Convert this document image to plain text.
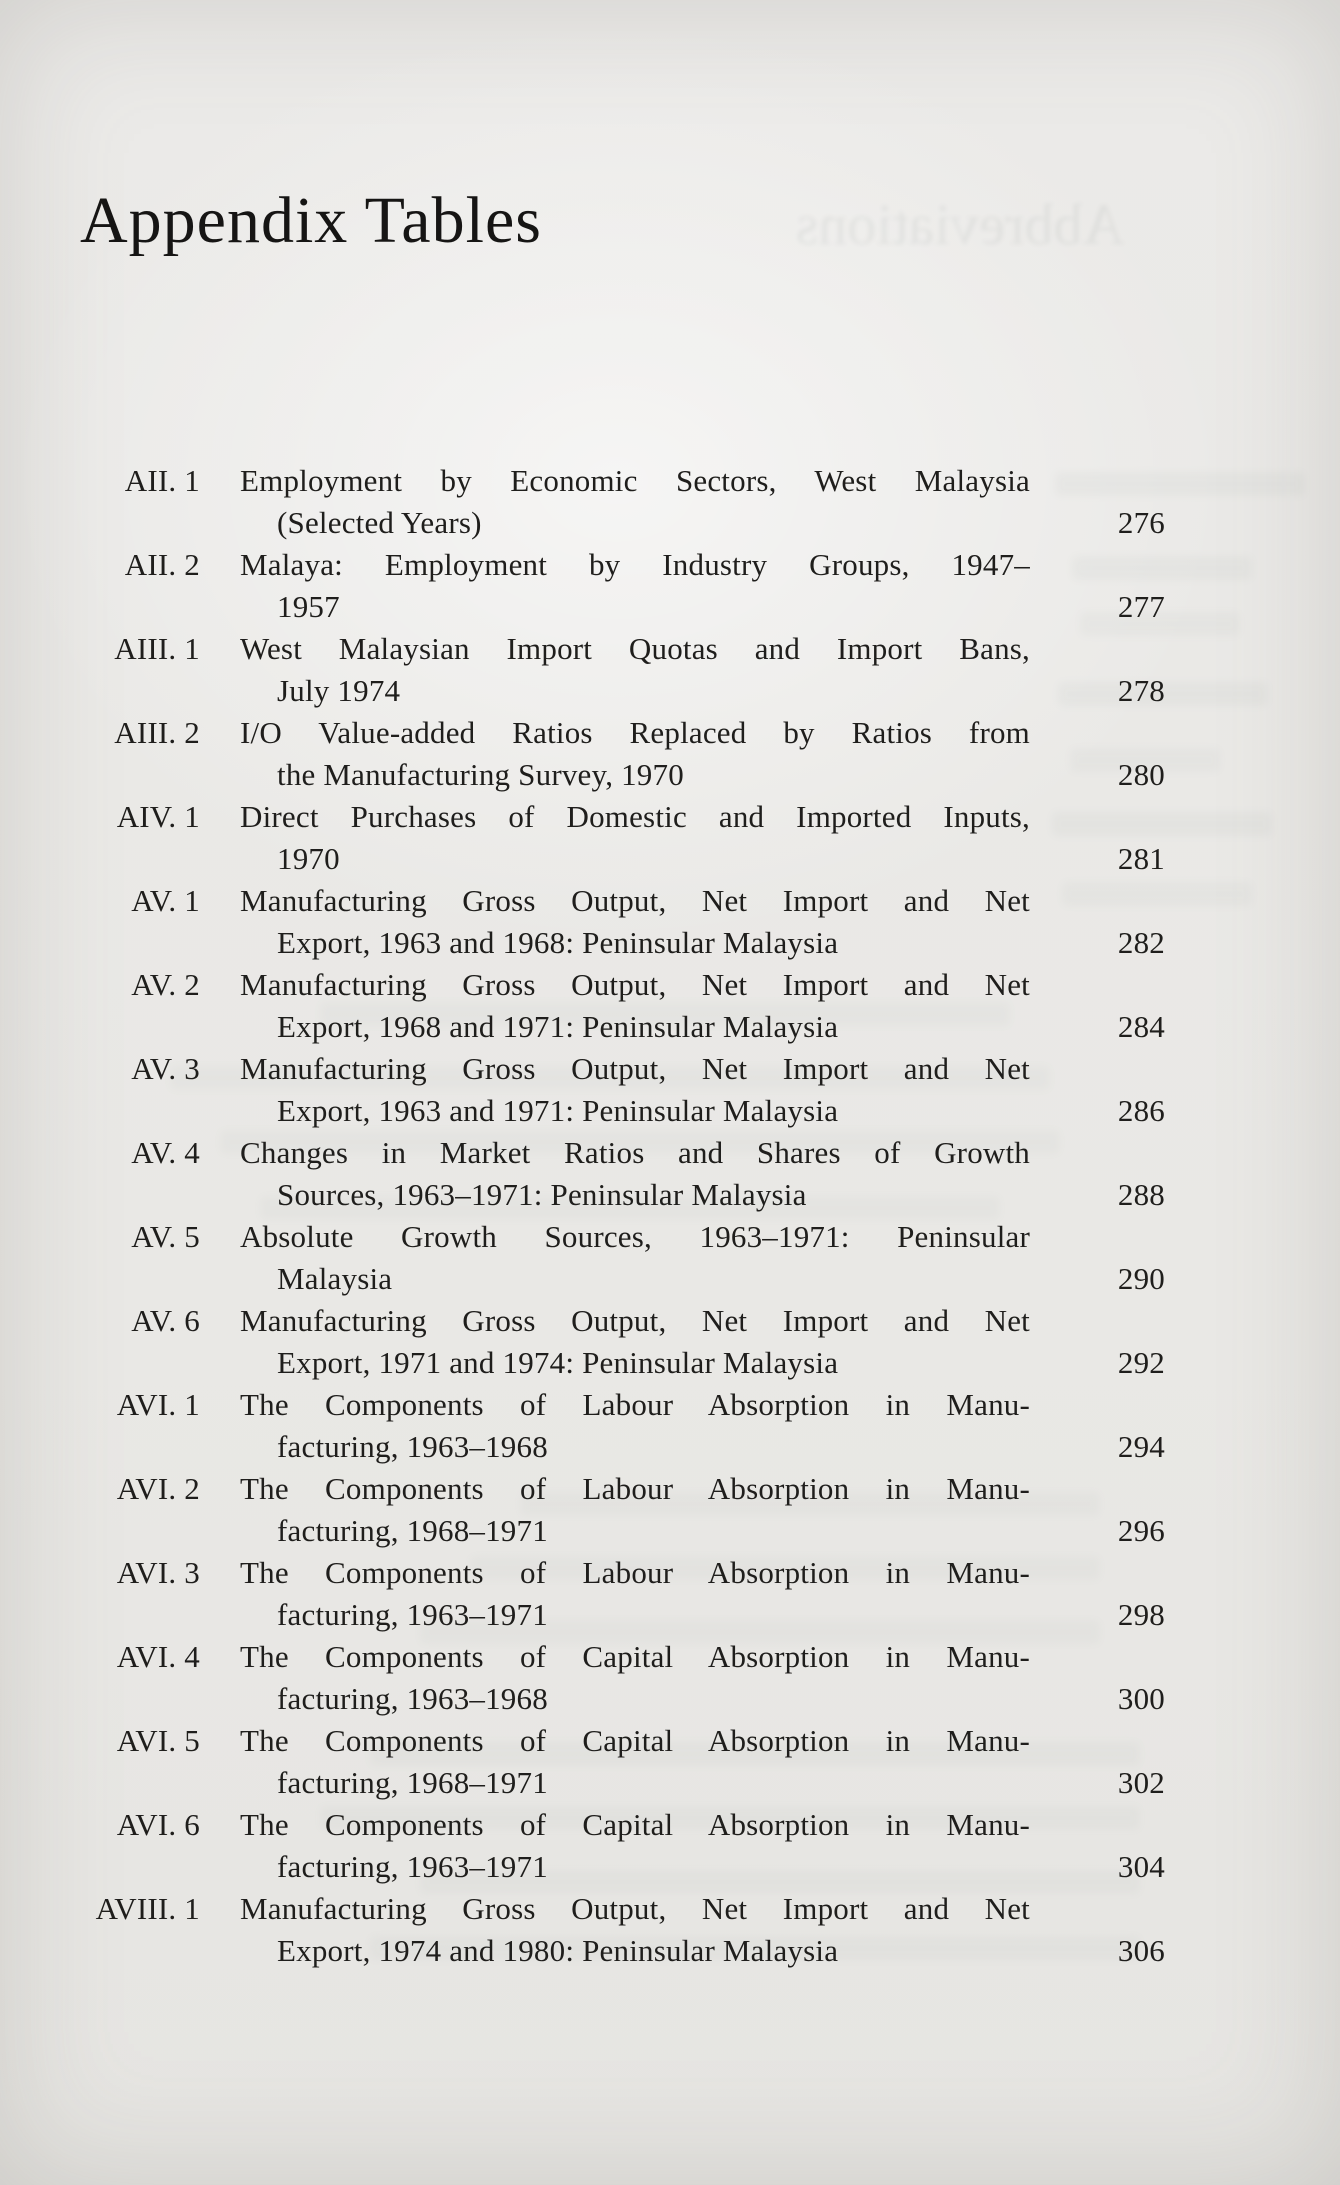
Abbreviations
Appendix Tables
AII. 1 Employment by Economic Sectors, West Malaysia
(Selected Years)	276
AII. 2 Malaya: Employment by Industry Groups, 1947–
1957	277
AIII. 1 West Malaysian Import Quotas and Import Bans,
July 1974	278
AIII. 2 I/O Value-added Ratios Replaced by Ratios from
the Manufacturing Survey, 1970	280
AIV. 1 Direct Purchases of Domestic and Imported Inputs,
1970	281
AV. 1 Manufacturing Gross Output, Net Import and Net
Export, 1963 and 1968: Peninsular Malaysia	282
AV. 2 Manufacturing Gross Output, Net Import and Net
Export, 1968 and 1971: Peninsular Malaysia	284
AV. 3 Manufacturing Gross Output, Net Import and Net
Export, 1963 and 1971: Peninsular Malaysia	286
AV. 4 Changes in Market Ratios and Shares of Growth
Sources, 1963–1971: Peninsular Malaysia	288
AV. 5 Absolute Growth Sources, 1963–1971: Peninsular
Malaysia	290
AV. 6 Manufacturing Gross Output, Net Import and Net
Export, 1971 and 1974: Peninsular Malaysia	292
AVI. 1 The Components of Labour Absorption in Manu-
facturing, 1963–1968	294
AVI. 2 The Components of Labour Absorption in Manu-
facturing, 1968–1971	296
AVI. 3 The Components of Labour Absorption in Manu-
facturing, 1963–1971	298
AVI. 4 The Components of Capital Absorption in Manu-
facturing, 1963–1968	300
AVI. 5 The Components of Capital Absorption in Manu-
facturing, 1968–1971	302
AVI. 6 The Components of Capital Absorption in Manu-
facturing, 1963–1971	304
AVIII. 1 Manufacturing Gross Output, Net Import and Net
Export, 1974 and 1980: Peninsular Malaysia	306
